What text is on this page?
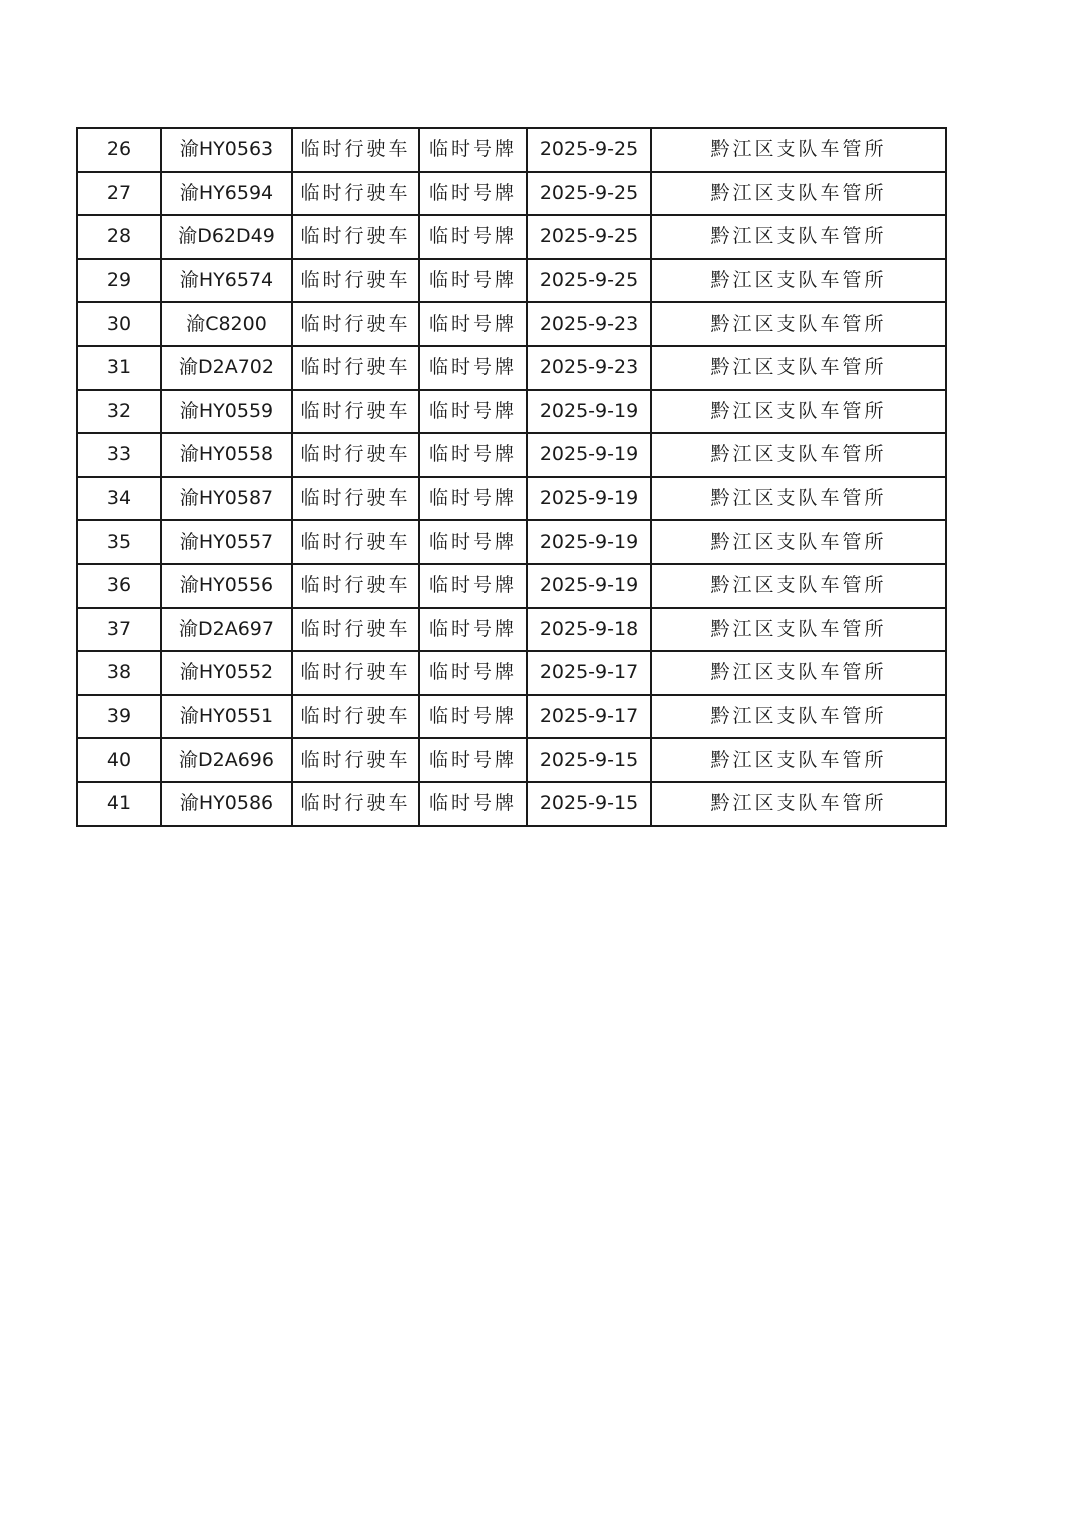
26	渝HY0563	临时行驶车	临时号牌	2025-9-25	黔江区支队车管所
27	渝HY6594	临时行驶车	临时号牌	2025-9-25	黔江区支队车管所
28	渝D62D49	临时行驶车	临时号牌	2025-9-25	黔江区支队车管所
29	渝HY6574	临时行驶车	临时号牌	2025-9-25	黔江区支队车管所
30	渝C8200	临时行驶车	临时号牌	2025-9-23	黔江区支队车管所
31	渝D2A702	临时行驶车	临时号牌	2025-9-23	黔江区支队车管所
32	渝HY0559	临时行驶车	临时号牌	2025-9-19	黔江区支队车管所
33	渝HY0558	临时行驶车	临时号牌	2025-9-19	黔江区支队车管所
34	渝HY0587	临时行驶车	临时号牌	2025-9-19	黔江区支队车管所
35	渝HY0557	临时行驶车	临时号牌	2025-9-19	黔江区支队车管所
36	渝HY0556	临时行驶车	临时号牌	2025-9-19	黔江区支队车管所
37	渝D2A697	临时行驶车	临时号牌	2025-9-18	黔江区支队车管所
38	渝HY0552	临时行驶车	临时号牌	2025-9-17	黔江区支队车管所
39	渝HY0551	临时行驶车	临时号牌	2025-9-17	黔江区支队车管所
40	渝D2A696	临时行驶车	临时号牌	2025-9-15	黔江区支队车管所
41	渝HY0586	临时行驶车	临时号牌	2025-9-15	黔江区支队车管所
